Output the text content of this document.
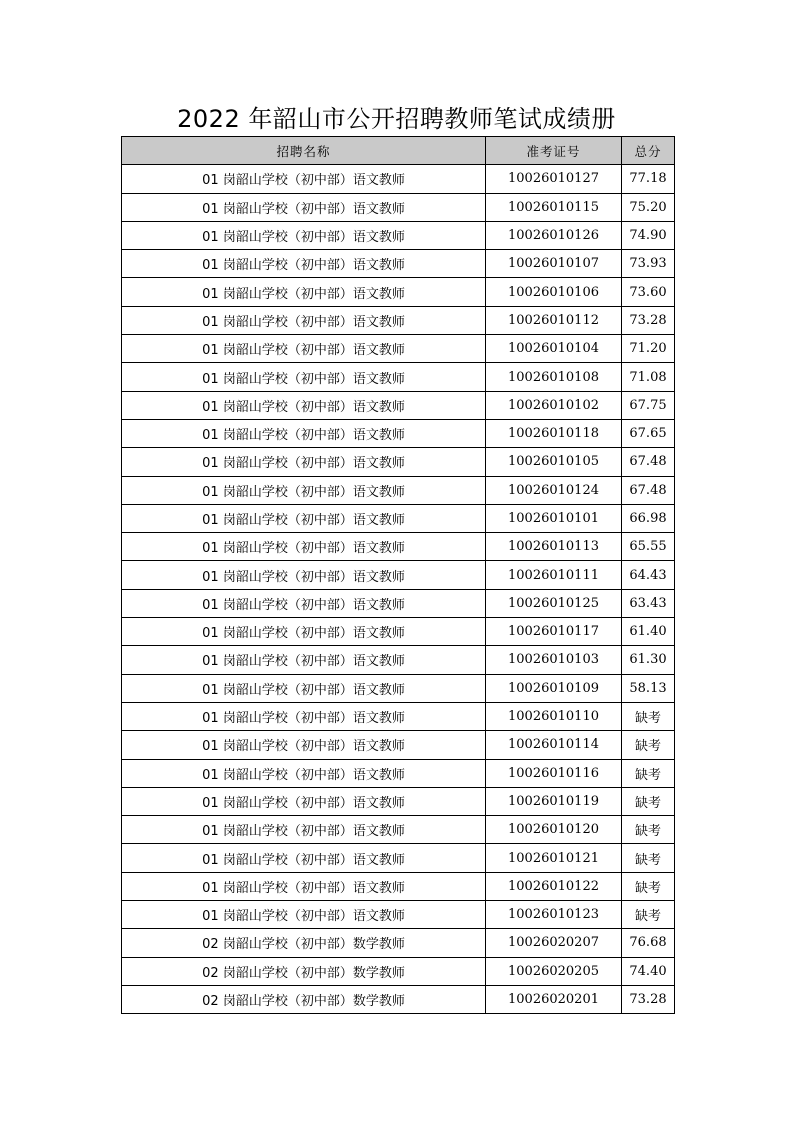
2022 年韶山市公开招聘教师笔试成绩册
招聘名称	准考证号	总分
01 岗韶山学校（初中部）语文教师	10026010127	77.18
01 岗韶山学校（初中部）语文教师	10026010115	75.20
01 岗韶山学校（初中部）语文教师	10026010126	74.90
01 岗韶山学校（初中部）语文教师	10026010107	73.93
01 岗韶山学校（初中部）语文教师	10026010106	73.60
01 岗韶山学校（初中部）语文教师	10026010112	73.28
01 岗韶山学校（初中部）语文教师	10026010104	71.20
01 岗韶山学校（初中部）语文教师	10026010108	71.08
01 岗韶山学校（初中部）语文教师	10026010102	67.75
01 岗韶山学校（初中部）语文教师	10026010118	67.65
01 岗韶山学校（初中部）语文教师	10026010105	67.48
01 岗韶山学校（初中部）语文教师	10026010124	67.48
01 岗韶山学校（初中部）语文教师	10026010101	66.98
01 岗韶山学校（初中部）语文教师	10026010113	65.55
01 岗韶山学校（初中部）语文教师	10026010111	64.43
01 岗韶山学校（初中部）语文教师	10026010125	63.43
01 岗韶山学校（初中部）语文教师	10026010117	61.40
01 岗韶山学校（初中部）语文教师	10026010103	61.30
01 岗韶山学校（初中部）语文教师	10026010109	58.13
01 岗韶山学校（初中部）语文教师	10026010110	缺考
01 岗韶山学校（初中部）语文教师	10026010114	缺考
01 岗韶山学校（初中部）语文教师	10026010116	缺考
01 岗韶山学校（初中部）语文教师	10026010119	缺考
01 岗韶山学校（初中部）语文教师	10026010120	缺考
01 岗韶山学校（初中部）语文教师	10026010121	缺考
01 岗韶山学校（初中部）语文教师	10026010122	缺考
01 岗韶山学校（初中部）语文教师	10026010123	缺考
02 岗韶山学校（初中部）数学教师	10026020207	76.68
02 岗韶山学校（初中部）数学教师	10026020205	74.40
02 岗韶山学校（初中部）数学教师	10026020201	73.28
